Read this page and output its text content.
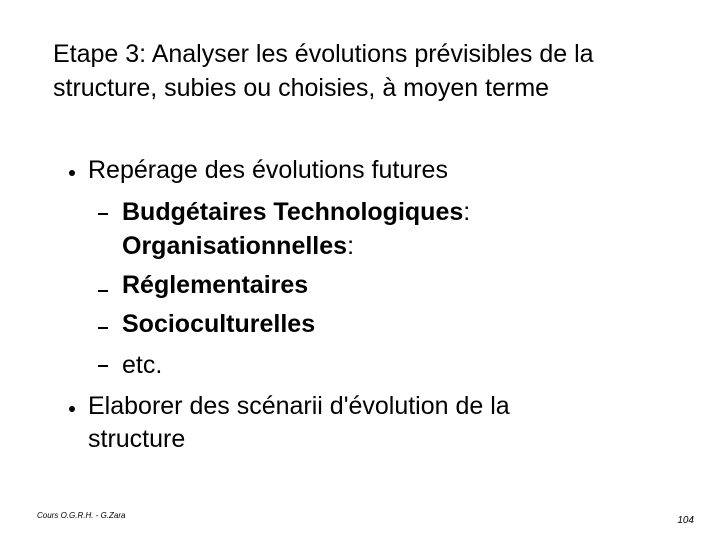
Etape 3: Analyser les évolutions prévisibles de la
structure, subies ou choisies, à moyen terme
Repérage des évolutions futures
Budgétaires Technologiques:
Organisationnelles:
Réglementaires
Socioculturelles
etc.
Elaborer des scénarii d'évolution de la
structure
Cours O.G.R.H. - G.Zara	104
